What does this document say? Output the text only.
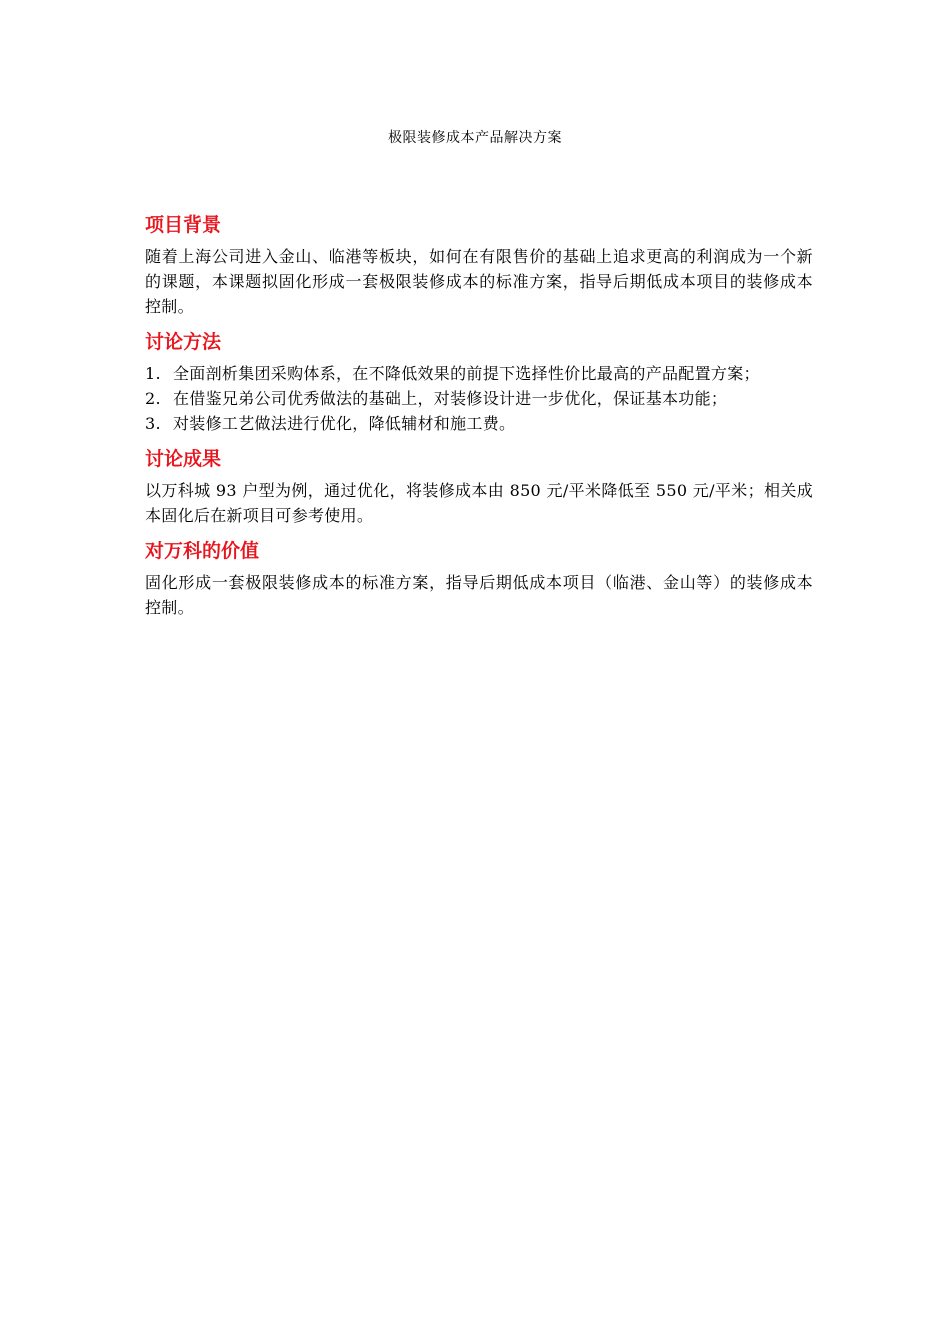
极限装修成本产品解决方案
项目背景

随着上海公司进入金山、临港等板块，如何在有限售价的基础上追求更高的利润成为一个新的课题，本课题拟固化形成一套极限装修成本的标准方案，指导后期低成本项目的装修成本控制。

讨论方法
1. 全面剖析集团采购体系，在不降低效果的前提下选择性价比最高的产品配置方案；
2. 在借鉴兄弟公司优秀做法的基础上，对装修设计进一步优化，保证基本功能；
3. 对装修工艺做法进行优化，降低辅材和施工费。
讨论成果

以万科城 93 户型为例，通过优化，将装修成本由 850 元/平米降低至 550 元/平米；相关成本固化后在新项目可参考使用。

对万科的价值

固化形成一套极限装修成本的标准方案，指导后期低成本项目（临港、金山等）的装修成本控制。
